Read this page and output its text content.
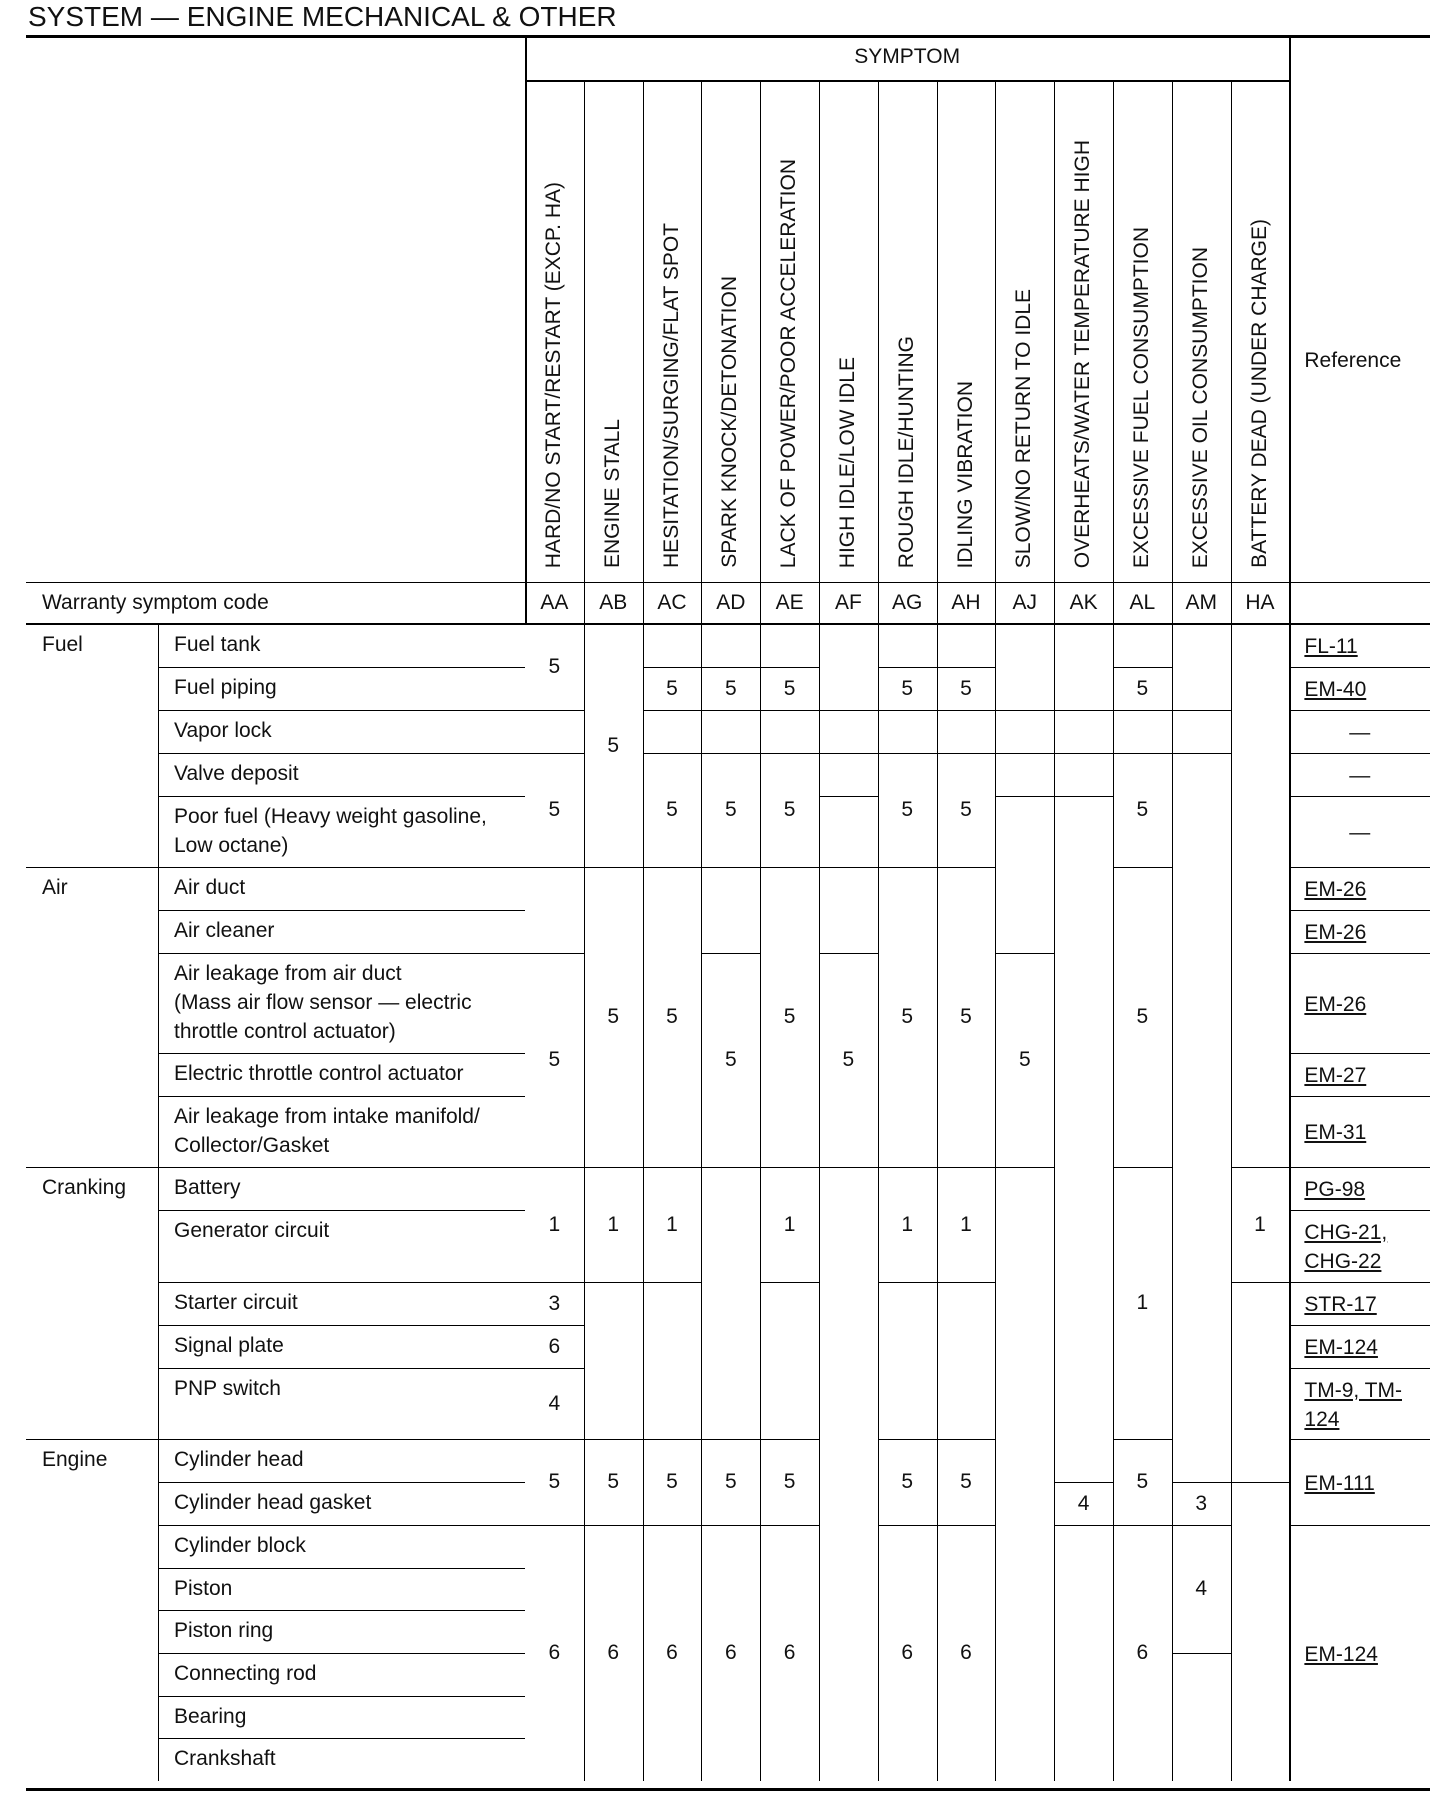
SYSTEM — ENGINE MECHANICAL & OTHER
SYMPTOM
HARD/NO START/RESTART (EXCP. HA)
AA
ENGINE STALL
AB
HESITATION/SURGING/FLAT SPOT
AC
SPARK KNOCK/DETONATION
AD
LACK OF POWER/POOR ACCELERATION
AE
HIGH IDLE/LOW IDLE
AF
ROUGH IDLE/HUNTING
AG
IDLING VIBRATION
AH
SLOW/NO RETURN TO IDLE
AJ
OVERHEATS/WATER TEMPERATURE HIGH
AK
EXCESSIVE FUEL CONSUMPTION
AL
EXCESSIVE OIL CONSUMPTION
AM
BATTERY DEAD (UNDER CHARGE)
HA
Reference
Warranty symptom code
Fuel
Air
Cranking
Engine
Fuel tank
Fuel piping
Vapor lock
Valve deposit
Poor fuel (Heavy weight gasoline,
Low octane)
Air duct
Air cleaner
Air leakage from air duct
(Mass air flow sensor — electric
throttle control actuator)
Electric throttle control actuator
Air leakage from intake manifold/
Collector/Gasket
Battery
Generator circuit
Starter circuit
Signal plate
PNP switch
Cylinder head
Cylinder head gasket
Cylinder block
Piston
Piston ring
Connecting rod
Bearing
Crankshaft
5
5
5
1
3
6
4
5
6
5
5
1
5
6
5
5
5
1
5
6
5
5
5
5
6
5
5
5
1
5
6
5
5
5
5
1
5
6
5
5
5
1
5
6
5
4
5
5
5
1
5
6
3
4
1
FL-11
EM-40
—
—
—
EM-26
EM-26
EM-26
EM-27
EM-31
PG-98
CHG-21,
CHG-22
STR-17
EM-124
TM-9, TM-
124
EM-111
EM-124
